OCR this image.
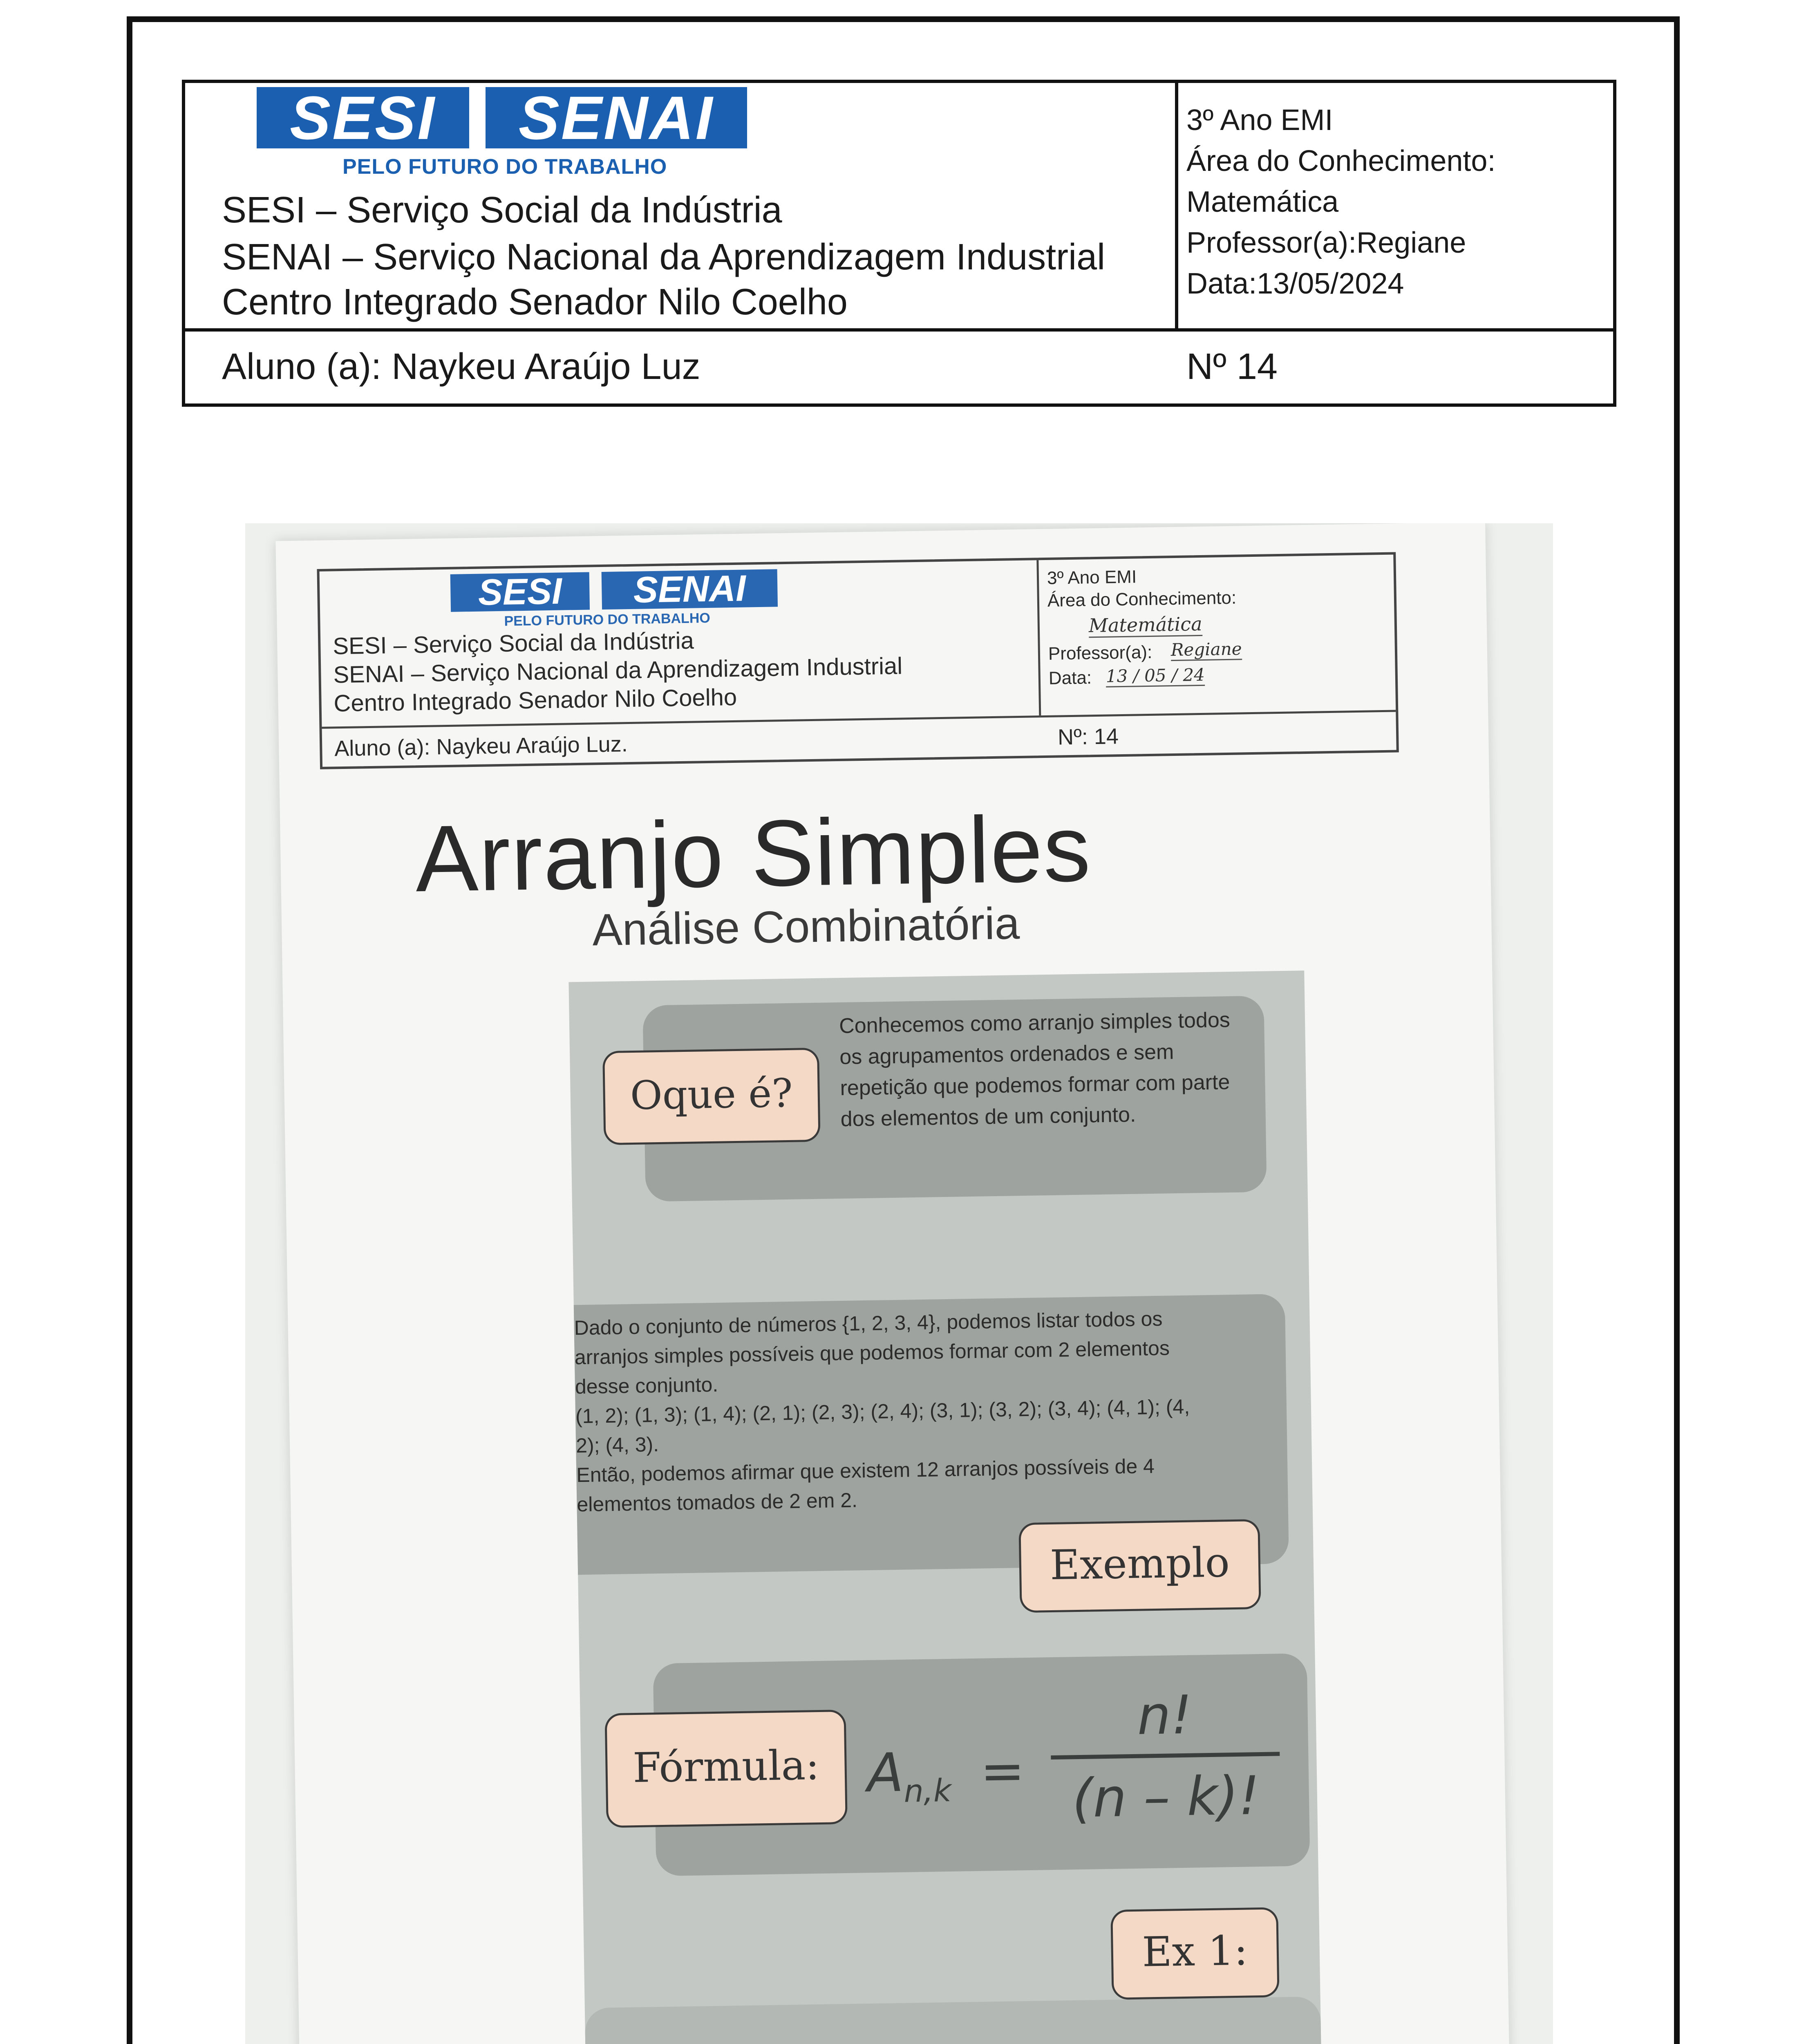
SESI	SENAI
PELO FUTURO DO TRABALHO
SESI – Serviço Social da Indústria
SENAI – Serviço Nacional da Aprendizagem Industrial
Centro Integrado Senador Nilo Coelho
3º Ano EMI
Área do Conhecimento:
Matemática
Professor(a):Regiane
Data:13/05/2024
Aluno (a): Naykeu Araújo Luz	Nº 14
SESI	SENAI
PELO FUTURO DO TRABALHO
SESI – Serviço Social da Indústria
SENAI – Serviço Nacional da Aprendizagem Industrial
Centro Integrado Senador Nilo Coelho
3º Ano EMI
Área do Conhecimento:
Matemática
Professor(a): Regiane
Data: 13 / 05 / 24
Aluno (a): Naykeu Araújo Luz.	Nº: 14
Arranjo Simples
Análise Combinatória
Oque é?
Conhecemos como arranjo simples todos os agrupamentos ordenados e sem repetição que podemos formar com parte dos elementos de um conjunto.
Dado o conjunto de números {1, 2, 3, 4}, podemos listar todos os
arranjos simples possíveis que podemos formar com 2 elementos
desse conjunto.
(1, 2); (1, 3); (1, 4); (2, 1); (2, 3); (2, 4); (3, 1); (3, 2); (3, 4); (4, 1); (4,
2); (4, 3).
Então, podemos afirmar que existem 12 arranjos possíveis de 4
elementos tomados de 2 em 2.
Exemplo
Fórmula: $A_{n,k}$ =
n!
(n – k)!
Ex 1:
